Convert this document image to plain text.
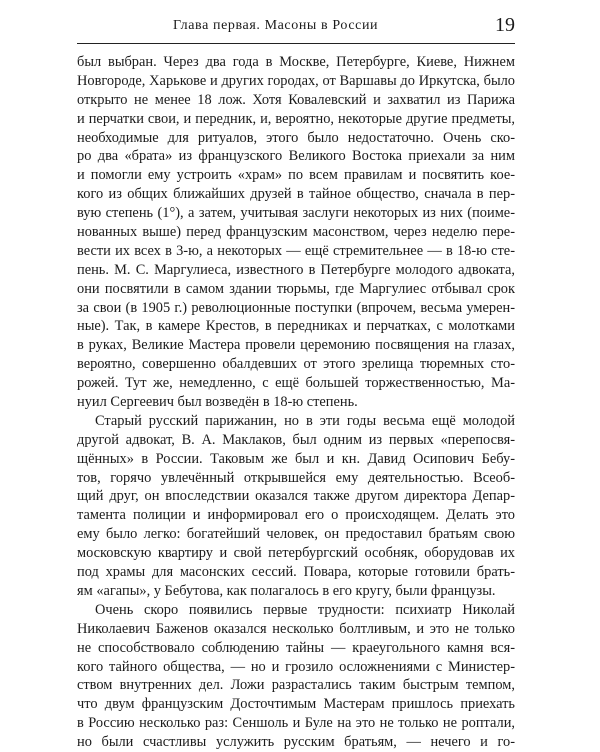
Глава первая. Масоны в России	19
был выбран. Через два года в Москве, Петербурге, Киеве, Нижнем
Новгороде, Харькове и других городах, от Варшавы до Иркутска, было
открыто не менее 18 лож. Хотя Ковалевский и захватил из Парижа
и перчатки свои, и передник, и, вероятно, некоторые другие предметы,
необходимые для ритуалов, этого было недостаточно. Очень ско-
ро два «брата» из французского Великого Востока приехали за ним
и помогли ему устроить «храм» по всем правилам и посвятить кое-
кого из общих ближайших друзей в тайное общество, сначала в пер-
вую степень (1°), а затем, учитывая заслуги некоторых из них (поиме-
нованных выше) перед французским масонством, через неделю пере-
вести их всех в 3-ю, а некоторых — ещё стремительнее — в 18-ю сте-
пень. М. С. Маргулиеса, известного в Петербурге молодого адвоката,
они посвятили в самом здании тюрьмы, где Маргулиес отбывал срок
за свои (в 1905 г.) революционные поступки (впрочем, весьма умерен-
ные). Так, в камере Крестов, в передниках и перчатках, с молотками
в руках, Великие Мастера провели церемонию посвящения на глазах,
вероятно, совершенно обалдевших от этого зрелища тюремных сто-
рожей. Тут же, немедленно, с ещё большей торжественностью, Ма-
нуил Сергеевич был возведён в 18-ю степень.
Старый русский парижанин, но в эти годы весьма ещё молодой
другой адвокат, В. А. Маклаков, был одним из первых «перепосвя-
щённых» в России. Таковым же был и кн. Давид Осипович Бебу-
тов, горячо увлечённый открывшейся ему деятельностью. Всеоб-
щий друг, он впоследствии оказался также другом директора Депар-
тамента полиции и информировал его о происходящем. Делать это
ему было легко: богатейший человек, он предоставил братьям свою
московскую квартиру и свой петербургский особняк, оборудовав их
под храмы для масонских сессий. Повара, которые готовили брать-
ям «агапы», у Бебутова, как полагалось в его кругу, были французы.
Очень скоро появились первые трудности: психиатр Николай
Николаевич Баженов оказался несколько болтливым, и это не только
не способствовало соблюдению тайны — краеугольного камня вся-
кого тайного общества, — но и грозило осложнениями с Министер-
ством внутренних дел. Ложи разрастались таким быстрым темпом,
что двум французским Досточтимым Мастерам пришлось приехать
в Россию несколько раз: Сеншоль и Буле на это не только не роптали,
но были счастливы услужить русским братьям, — нечего и го-
